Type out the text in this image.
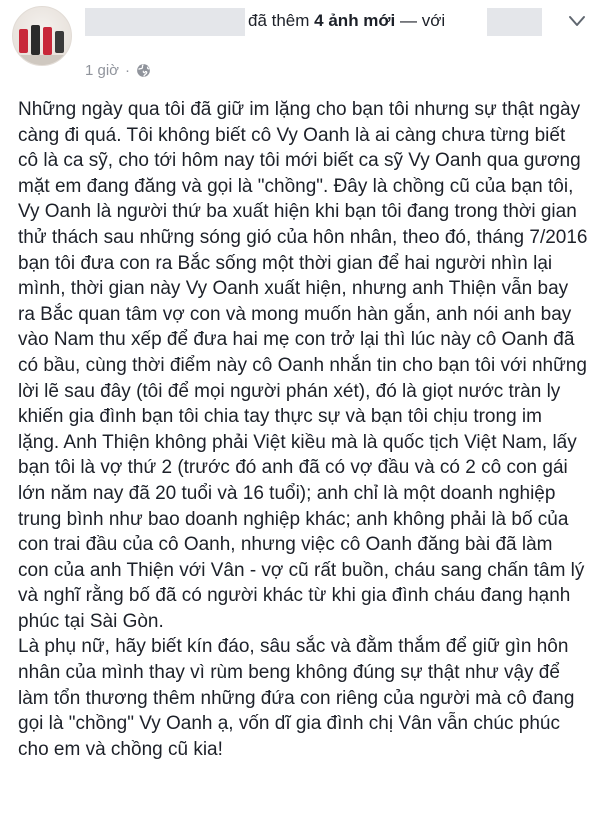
đã thêm 4 ảnh mới — với
1 giờ ·

Những ngày qua tôi đã giữ im lặng cho bạn tôi nhưng sự thật ngày càng đi quá. Tôi không biết cô Vy Oanh là ai càng chưa từng biết cô là ca sỹ, cho tới hôm nay tôi mới biết ca sỹ Vy Oanh qua gương mặt em đang đăng và gọi là "chồng". Đây là chồng cũ của bạn tôi, Vy Oanh là người thứ ba xuất hiện khi bạn tôi đang trong thời gian thử thách sau những sóng gió của hôn nhân, theo đó, tháng 7/2016 bạn tôi đưa con ra Bắc sống một thời gian để hai người nhìn lại mình, thời gian này Vy Oanh xuất hiện, nhưng anh Thiện vẫn bay ra Bắc quan tâm vợ con và mong muốn hàn gắn, anh nói anh bay vào Nam thu xếp để đưa hai mẹ con trở lại thì lúc này cô Oanh đã có bầu, cùng thời điểm này cô Oanh nhắn tin cho bạn tôi với những lời lẽ sau đây (tôi để mọi người phán xét), đó là giọt nước tràn ly khiến gia đình bạn tôi chia tay thực sự và bạn tôi chịu trong im lặng. Anh Thiện không phải Việt kiều mà là quốc tịch Việt Nam, lấy bạn tôi là vợ thứ 2 (trước đó anh đã có vợ đầu và có 2 cô con gái lớn năm nay đã 20 tuổi và 16 tuổi); anh chỉ là một doanh nghiệp trung bình như bao doanh nghiệp khác; anh không phải là bố của con trai đầu của cô Oanh, nhưng việc cô Oanh đăng bài đã làm con của anh Thiện với Vân - vợ cũ rất buồn, cháu sang chấn tâm lý và nghĩ rằng bố đã có người khác từ khi gia đình cháu đang hạnh phúc tại Sài Gòn.

Là phụ nữ, hãy biết kín đáo, sâu sắc và đằm thắm để giữ gìn hôn nhân của mình thay vì rùm beng không đúng sự thật như vậy để làm tổn thương thêm những đứa con riêng của người mà cô đang gọi là "chồng" Vy Oanh ạ, vốn dĩ gia đình chị Vân vẫn chúc phúc cho em và chồng cũ kia!
